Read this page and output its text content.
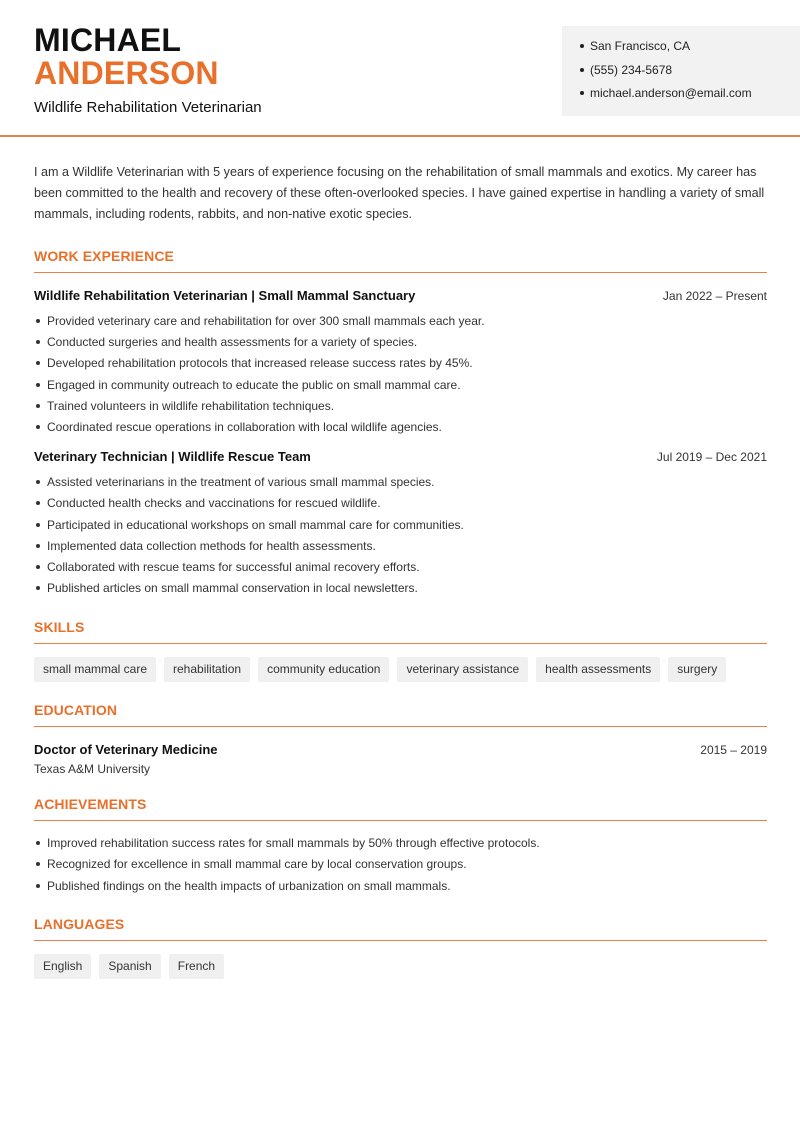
MICHAEL
ANDERSON
Wildlife Rehabilitation Veterinarian
San Francisco, CA
(555) 234-5678
michael.anderson@email.com

I am a Wildlife Veterinarian with 5 years of experience focusing on the rehabilitation of small mammals and exotics. My career has been committed to the health and recovery of these often-overlooked species. I have gained expertise in handling a variety of small mammals, including rodents, rabbits, and non-native exotic species.

WORK EXPERIENCE
Wildlife Rehabilitation Veterinarian | Small Mammal Sanctuary	Jan 2022 – Present
Provided veterinary care and rehabilitation for over 300 small mammals each year.
Conducted surgeries and health assessments for a variety of species.
Developed rehabilitation protocols that increased release success rates by 45%.
Engaged in community outreach to educate the public on small mammal care.
Trained volunteers in wildlife rehabilitation techniques.
Coordinated rescue operations in collaboration with local wildlife agencies.
Veterinary Technician | Wildlife Rescue Team	Jul 2019 – Dec 2021
Assisted veterinarians in the treatment of various small mammal species.
Conducted health checks and vaccinations for rescued wildlife.
Participated in educational workshops on small mammal care for communities.
Implemented data collection methods for health assessments.
Collaborated with rescue teams for successful animal recovery efforts.
Published articles on small mammal conservation in local newsletters.
SKILLS
small mammal care	rehabilitation	community education	veterinary assistance	health assessments	surgery
EDUCATION
Doctor of Veterinary Medicine	2015 – 2019
Texas A&M University
ACHIEVEMENTS
Improved rehabilitation success rates for small mammals by 50% through effective protocols.
Recognized for excellence in small mammal care by local conservation groups.
Published findings on the health impacts of urbanization on small mammals.
LANGUAGES
English	Spanish	French
